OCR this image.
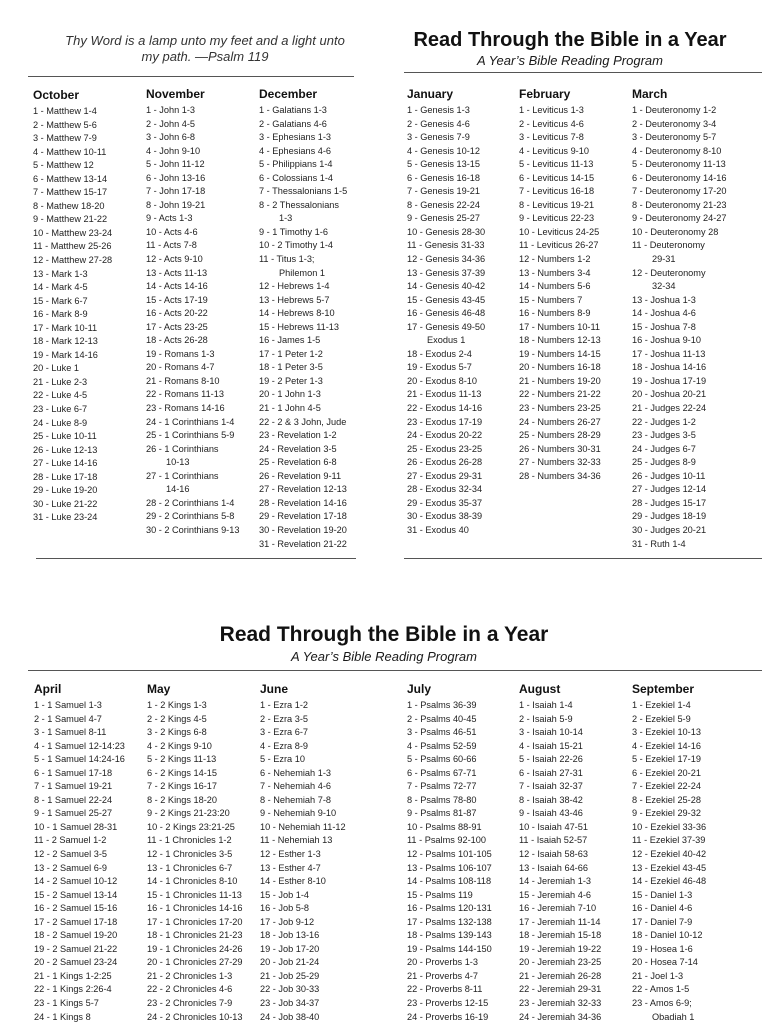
Thy Word is a lamp unto my feet and a light unto my path. —Psalm 119
Read Through the Bible in a Year
A Year’s Bible Reading Program
Read Through the Bible in a Year
A Year’s Bible Reading Program
October
1 - Matthew 1-4
2 - Matthew 5-6
3 - Matthew 7-9
4 - Matthew 10-11
5 - Matthew 12
6 - Matthew 13-14
7 - Matthew 15-17
8 - Mathew 18-20
9 - Matthew 21-22
10 - Matthew 23-24
11 - Matthew 25-26
12 - Matthew 27-28
13 - Mark 1-3
14 - Mark 4-5
15 - Mark 6-7
16 - Mark 8-9
17 - Mark 10-11
18 - Mark 12-13
19 - Mark 14-16
20 - Luke 1
21 - Luke 2-3
22 - Luke 4-5
23 - Luke 6-7
24 - Luke 8-9
25 - Luke 10-11
26 - Luke 12-13
27 - Luke 14-16
28 - Luke 17-18
29 - Luke 19-20
30 - Luke 21-22
31 - Luke 23-24
November
1 - John 1-3
2 - John 4-5
3 - John 6-8
4 - John 9-10
5 - John 11-12
6 - John 13-16
7 - John 17-18
8 - John 19-21
9 - Acts 1-3
10 - Acts 4-6
11 - Acts 7-8
12 - Acts 9-10
13 - Acts 11-13
14 - Acts 14-16
15 - Acts 17-19
16 - Acts 20-22
17 - Acts 23-25
18 - Acts 26-28
19 - Romans 1-3
20 - Romans 4-7
21 - Romans 8-10
22 - Romans 11-13
23 - Romans 14-16
24 - 1 Corinthians 1-4
25 - 1 Corinthians 5-9
26 - 1 Corinthians
10-13
27 - 1 Corinthians
14-16
28 - 2 Corinthians 1-4
29 - 2 Corinthians 5-8
30 - 2 Corinthians 9-13
December
1 - Galatians 1-3
2 - Galatians 4-6
3 - Ephesians 1-3
4 - Ephesians 4-6
5 - Philippians 1-4
6 - Colossians 1-4
7 - Thessalonians 1-5
8 - 2 Thessalonians
1-3
9 - 1 Timothy 1-6
10 - 2 Timothy 1-4
11 - Titus 1-3;
Philemon 1
12 - Hebrews 1-4
13 - Hebrews 5-7
14 - Hebrews 8-10
15 - Hebrews 11-13
16 - James 1-5
17 - 1 Peter 1-2
18 - 1 Peter 3-5
19 - 2 Peter 1-3
20 - 1 John 1-3
21 - 1 John 4-5
22 - 2 & 3 John, Jude
23 - Revelation 1-2
24 - Revelation 3-5
25 - Revelation 6-8
26 - Revelation 9-11
27 - Revelation 12-13
28 - Revelation 14-16
29 - Revelation 17-18
30 - Revelation 19-20
31 - Revelation 21-22
January
1 - Genesis 1-3
2 - Genesis 4-6
3 - Genesis 7-9
4 - Genesis 10-12
5 - Genesis 13-15
6 - Genesis 16-18
7 - Genesis 19-21
8 - Genesis 22-24
9 - Genesis 25-27
10 - Genesis 28-30
11 - Genesis 31-33
12 - Genesis 34-36
13 - Genesis 37-39
14 - Genesis 40-42
15 - Genesis 43-45
16 - Genesis 46-48
17 - Genesis 49-50
Exodus 1
18 - Exodus 2-4
19 - Exodus 5-7
20 - Exodus 8-10
21 - Exodus 11-13
22 - Exodus 14-16
23 - Exodus 17-19
24 - Exodus 20-22
25 - Exodus 23-25
26 - Exodus 26-28
27 - Exodus 29-31
28 - Exodus 32-34
29 - Exodus 35-37
30 - Exodus 38-39
31 - Exodus 40
February
1 - Leviticus 1-3
2 - Leviticus 4-6
3 - Leviticus 7-8
4 - Leviticus 9-10
5 - Leviticus 11-13
6 - Leviticus 14-15
7 - Leviticus 16-18
8 - Leviticus 19-21
9 - Leviticus 22-23
10 - Leviticus 24-25
11 - Leviticus 26-27
12 - Numbers 1-2
13 - Numbers 3-4
14 - Numbers 5-6
15 - Numbers 7
16 - Numbers 8-9
17 - Numbers 10-11
18 - Numbers 12-13
19 - Numbers 14-15
20 - Numbers 16-18
21 - Numbers 19-20
22 - Numbers 21-22
23 - Numbers 23-25
24 - Numbers 26-27
25 - Numbers 28-29
26 - Numbers 30-31
27 - Numbers 32-33
28 - Numbers 34-36
March
1 - Deuteronomy 1-2
2 - Deuteronomy 3-4
3 - Deuteronomy 5-7
4 - Deuteronomy 8-10
5 - Deuteronomy 11-13
6 - Deuteronomy 14-16
7 - Deuteronomy 17-20
8 - Deuteronomy 21-23
9 - Deuteronomy 24-27
10 - Deuteronomy 28
11 - Deuteronomy
29-31
12 - Deuteronomy
32-34
13 - Joshua 1-3
14 - Joshua 4-6
15 - Joshua 7-8
16 - Joshua 9-10
17 - Joshua 11-13
18 - Joshua 14-16
19 - Joshua 17-19
20 - Joshua 20-21
21 - Judges 22-24
22 - Judges 1-2
23 - Judges 3-5
24 - Judges 6-7
25 - Judges 8-9
26 - Judges 10-11
27 - Judges 12-14
28 - Judges 15-17
29 - Judges 18-19
30 - Judges 20-21
31 - Ruth 1-4
April
1 - 1 Samuel 1-3
2 - 1 Samuel 4-7
3 - 1 Samuel 8-11
4 - 1 Samuel 12-14:23
5 - 1 Samuel 14:24-16
6 - 1 Samuel 17-18
7 - 1 Samuel 19-21
8 - 1 Samuel 22-24
9 - 1 Samuel 25-27
10 - 1 Samuel 28-31
11 - 2 Samuel 1-2
12 - 2 Samuel 3-5
13 - 2 Samuel 6-9
14 - 2 Samuel 10-12
15 - 2 Samuel 13-14
16 - 2 Samuel 15-16
17 - 2 Samuel 17-18
18 - 2 Samuel 19-20
19 - 2 Samuel 21-22
20 - 2 Samuel 23-24
21 - 1 Kings 1-2:25
22 - 1 Kings 2:26-4
23 - 1 Kings 5-7
24 - 1 Kings 8
May
1 - 2 Kings 1-3
2 - 2 Kings 4-5
3 - 2 Kings 6-8
4 - 2 Kings 9-10
5 - 2 Kings 11-13
6 - 2 Kings 14-15
7 - 2 Kings 16-17
8 - 2 Kings 18-20
9 - 2 Kings 21-23:20
10 - 2 Kings 23:21-25
11 - 1 Chronicles 1-2
12 - 1 Chronicles 3-5
13 - 1 Chronicles 6-7
14 - 1 Chronicles 8-10
15 - 1 Chronicles 11-13
16 - 1 Chronicles 14-16
17 - 1 Chronicles 17-20
18 - 1 Chronicles 21-23
19 - 1 Chronicles 24-26
20 - 1 Chronicles 27-29
21 - 2 Chronicles 1-3
22 - 2 Chronicles 4-6
23 - 2 Chronicles 7-9
24 - 2 Chronicles 10-13
June
1 - Ezra 1-2
2 - Ezra 3-5
3 - Ezra 6-7
4 - Ezra 8-9
5 - Ezra 10
6 - Nehemiah 1-3
7 - Nehemiah 4-6
8 - Nehemiah 7-8
9 - Nehemiah 9-10
10 - Nehemiah 11-12
11 - Nehemiah 13
12 - Esther 1-3
13 - Esther 4-7
14 - Esther 8-10
15 - Job 1-4
16 - Job 5-8
17 - Job 9-12
18 - Job 13-16
19 - Job 17-20
20 - Job 21-24
21 - Job 25-29
22 - Job 30-33
23 - Job 34-37
24 - Job 38-40
July
1 - Psalms 36-39
2 - Psalms 40-45
3 - Psalms 46-51
4 - Psalms 52-59
5 - Psalms 60-66
6 - Psalms 67-71
7 - Psalms 72-77
8 - Psalms 78-80
9 - Psalms 81-87
10 - Psalms 88-91
11 - Psalms 92-100
12 - Psalms 101-105
13 - Psalms 106-107
14 - Psalms 108-118
15 - Psalms 119
16 - Psalms 120-131
17 - Psalms 132-138
18 - Psalms 139-143
19 - Psalms 144-150
20 - Proverbs 1-3
21 - Proverbs 4-7
22 - Proverbs 8-11
23 - Proverbs 12-15
24 - Proverbs 16-19
August
1 - Isaiah 1-4
2 - Isaiah 5-9
3 - Isaiah 10-14
4 - Isaiah 15-21
5 - Isaiah 22-26
6 - Isaiah 27-31
7 - Isaiah 32-37
8 - Isaiah 38-42
9 - Isaiah 43-46
10 - Isaiah 47-51
11 - Isaiah 52-57
12 - Isaiah 58-63
13 - Isaiah 64-66
14 - Jeremiah 1-3
15 - Jeremiah 4-6
16 - Jeremiah 7-10
17 - Jeremiah 11-14
18 - Jeremiah 15-18
19 - Jeremiah 19-22
20 - Jeremiah 23-25
21 - Jeremiah 26-28
22 - Jeremiah 29-31
23 - Jeremiah 32-33
24 - Jeremiah 34-36
September
1 - Ezekiel 1-4
2 - Ezekiel 5-9
3 - Ezekiel 10-13
4 - Ezekiel 14-16
5 - Ezekiel 17-19
6 - Ezekiel 20-21
7 - Ezekiel 22-24
8 - Ezekiel 25-28
9 - Ezekiel 29-32
10 - Ezekiel 33-36
11 - Ezekiel 37-39
12 - Ezekiel 40-42
13 - Ezekiel 43-45
14 - Ezekiel 46-48
15 - Daniel 1-3
16 - Daniel 4-6
17 - Daniel 7-9
18 - Daniel 10-12
19 - Hosea 1-6
20 - Hosea 7-14
21 - Joel 1-3
22 - Amos 1-5
23 - Amos 6-9;
Obadiah 1
